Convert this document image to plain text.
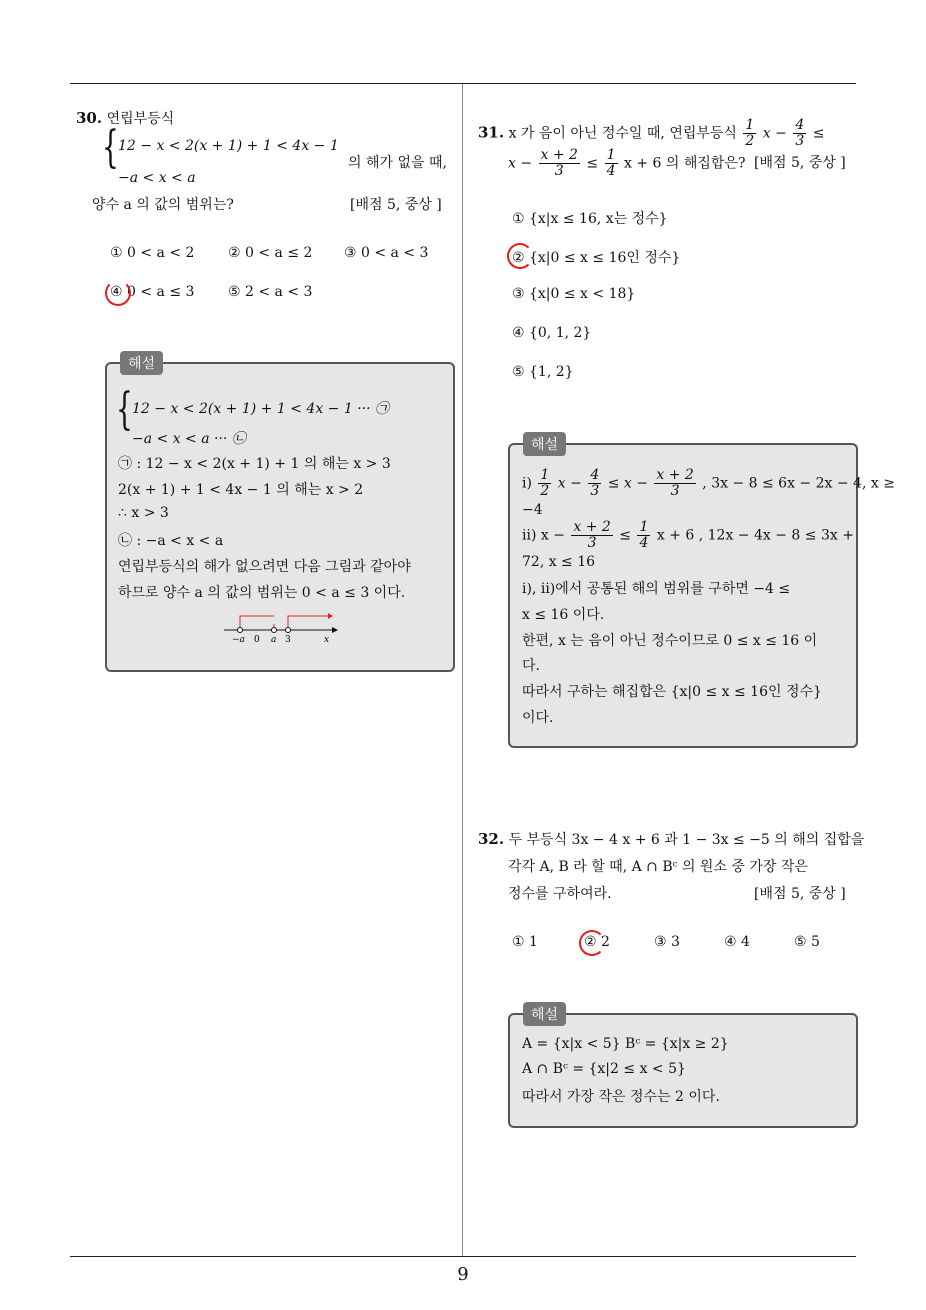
30. 연립부등식
{ 12 − x < 2(x + 1) + 1 < 4x − 1
−a < x < a
의 해가 없을 때,
양수 a 의 값의 범위는?	[배점 5, 중상 ]
① 0 < a < 2 ② 0 < a ≤ 2 ③ 0 < a < 3
④ 0 < a ≤ 3 ⑤ 2 < a < 3
해설
{ 12 − x < 2(x + 1) + 1 < 4x − 1 ··· ㉠
−a < x < a ··· ㉡
㉠ : 12 − x < 2(x + 1) + 1 의 해는 x > 3
2(x + 1) + 1 < 4x − 1 의 해는 x > 2
∴ x > 3
㉡ : −a < x < a
연립부등식의 해가 없으려면 다음 그림과 같아야
하므로 양수 a 의 값의 범위는 0 < a ≤ 3 이다.
−a 0 a 3	x
31. x 가 음이 아닌 정수일 때, 연립부등식 $\frac{1}{2}$ $x - \frac{4}{3}$ ≤
$x - \frac{x + 2}{3} \le \frac{1}{4}$ x + 6 의 해집합은? [배점 5, 중상 ]
① {x|x ≤ 16, x는 정수}
② {x|0 ≤ x ≤ 16인 정수}
③ {x|0 ≤ x < 18}
④ {0, 1, 2}
⑤ {1, 2}
해설
ⅰ) $\frac{1}{2}$ $x - \frac{4}{3} \le x - \frac{x + 2}{3}$ , 3x − 8 ≤ 6x − 2x − 4, x ≥
−4
ⅱ) $x - \frac{x + 2}{3} \le \frac{1}{4}$ x + 6 , 12x − 4x − 8 ≤ 3x +
72, x ≤ 16
ⅰ), ⅱ)에서 공통된 해의 범위를 구하면 −4 ≤
x ≤ 16 이다.
한편, x 는 음이 아닌 정수이므로 0 ≤ x ≤ 16 이
다.
따라서 구하는 해집합은 {x|0 ≤ x ≤ 16인 정수}
이다.
32. 두 부등식 3x − 4 x + 6 과 1 − 3x ≤ −5 의 해의 집합을
각각 A, B 라 할 때, A ∩ Bᶜ 의 원소 중 가장 작은
정수를 구하여라.	[배점 5, 중상 ]
① 1	② 2	③ 3	④ 4	⑤ 5
해설
A = {x|x < 5} Bᶜ = {x|x ≥ 2}
A ∩ Bᶜ = {x|2 ≤ x < 5}
따라서 가장 작은 정수는 2 이다.
9
